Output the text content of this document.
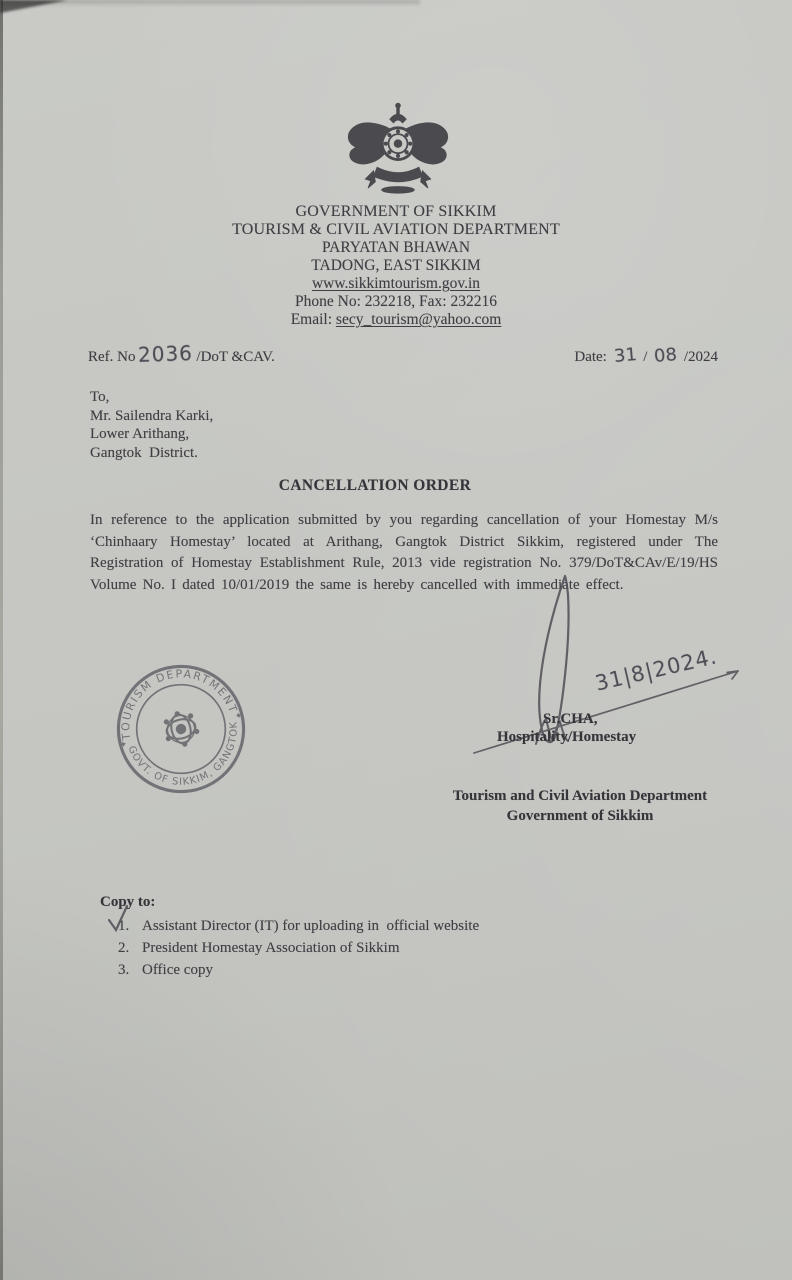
GOVERNMENT OF SIKKIM
TOURISM & CIVIL AVIATION DEPARTMENT
PARYATAN BHAWAN
TADONG, EAST SIKKIM
www.sikkimtourism.gov.in
Phone No: 232218, Fax: 232216
Email: secy_tourism@yahoo.com
Ref. No2036 /DoT &CAV.	Date: 31 / 08 /2024
To,
Mr. Sailendra Karki,
Lower Arithang,
Gangtok  District.
CANCELLATION ORDER
In reference to the application submitted by you regarding cancellation of your Homestay M/s ‘Chinhaary Homestay’ located at Arithang, Gangtok District Sikkim, registered under The Registration of Homestay Establishment Rule, 2013 vide registration No. 379/DoT&CAv/E/19/HS Volume No. I dated 10/01/2019 the same is hereby cancelled with immediate effect.
TOURISM DEPARTMENT
GOVT. OF SIKKIM, GANGTOK
✦
✦
31|8|2024.
Sr.CHA,
Hospitality/Homestay
Tourism and Civil Aviation Department
Government of Sikkim
Copy to:
1. Assistant Director (IT) for uploading in  official website
2. President Homestay Association of Sikkim
3. Office copy
